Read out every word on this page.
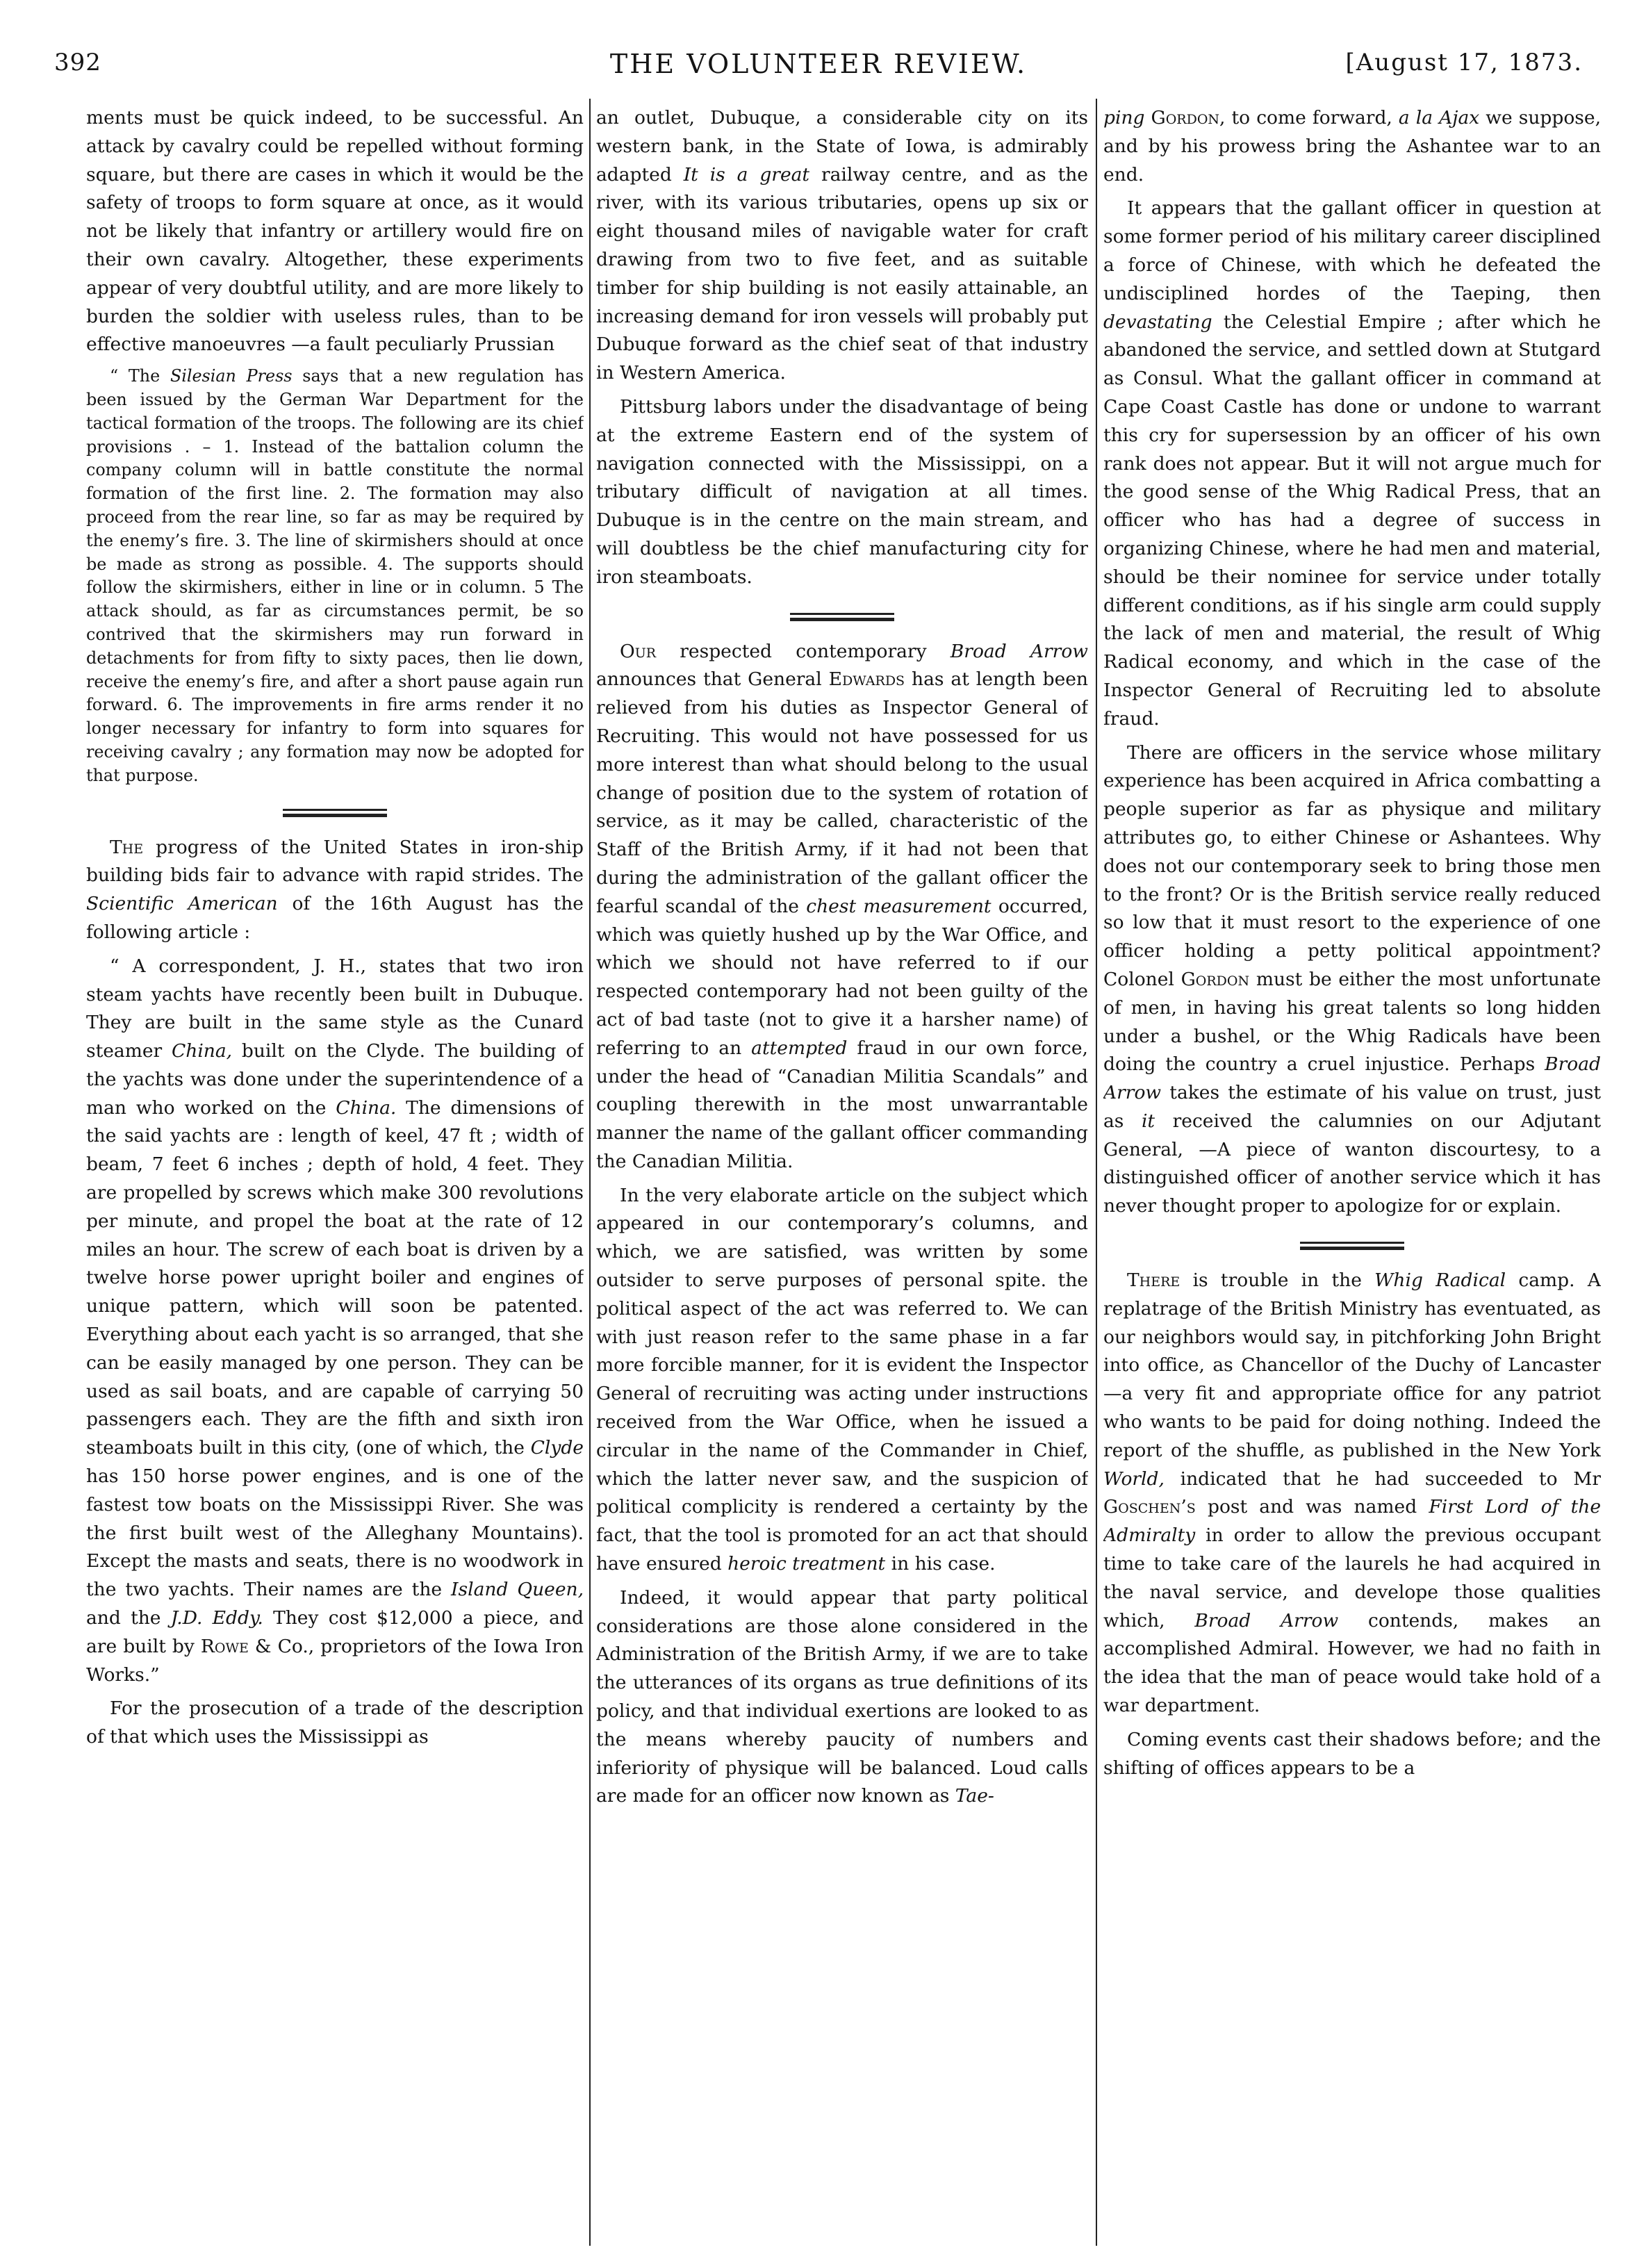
392	THE VOLUNTEER REVIEW.	[August 17, 1873.

ments must be quick indeed, to be successful. An attack by cavalry could be repelled without forming square, but there are cases in which it would be the safety of troops to form square at once, as it would not be likely that infantry or artillery would fire on their own cavalry. Altogether, these experiments appear of very doubtful utility, and are more likely to burden the soldier with useless rules, than to be effective manoeuvres —a fault peculiarly Prussian

“ The Silesian Press says that a new regulation has been issued by the German War Department for the tactical formation of the troops. The following are its chief provisions . – 1. Instead of the battalion column the company column will in battle constitute the normal formation of the first line. 2. The formation may also proceed from the rear line, so far as may be required by the enemy’s fire. 3. The line of skirmishers should at once be made as strong as possible. 4. The supports should follow the skirmishers, either in line or in column. 5 The attack should, as far as circumstances permit, be so contrived that the skirmishers may run forward in detachments for from fifty to sixty paces, then lie down, receive the enemy’s fire, and after a short pause again run forward. 6. The improvements in fire arms render it no longer necessary for infantry to form into squares for receiving cavalry ; any formation may now be adopted for that purpose.

The progress of the United States in iron-ship building bids fair to advance with rapid strides. The Scientific American of the 16th August has the following article :

“ A correspondent, J. H., states that two iron steam yachts have recently been built in Dubuque. They are built in the same style as the Cunard steamer China, built on the Clyde. The building of the yachts was done under the superintendence of a man who worked on the China. The dimensions of the said yachts are : length of keel, 47 ft ; width of beam, 7 feet 6 inches ; depth of hold, 4 feet. They are propelled by screws which make 300 revolutions per minute, and propel the boat at the rate of 12 miles an hour. The screw of each boat is driven by a twelve horse power upright boiler and engines of unique pattern, which will soon be patented. Everything about each yacht is so arranged, that she can be easily managed by one person. They can be used as sail boats, and are capable of carrying 50 passengers each. They are the fifth and sixth iron steamboats built in this city, (one of which, the Clyde has 150 horse power engines, and is one of the fastest tow boats on the Mississippi River. She was the first built west of the Alleghany Mountains). Except the masts and seats, there is no woodwork in the two yachts. Their names are the Island Queen, and the J.D. Eddy. They cost $12,000 a piece, and are built by Rowe & Co., proprietors of the Iowa Iron Works.”

For the prosecution of a trade of the description of that which uses the Mississippi as

an outlet, Dubuque, a considerable city on its western bank, in the State of Iowa, is admirably adapted It is a great railway centre, and as the river, with its various tributaries, opens up six or eight thousand miles of navigable water for craft drawing from two to five feet, and as suitable timber for ship building is not easily attainable, an increasing demand for iron vessels will probably put Dubuque forward as the chief seat of that industry in Western America.

Pittsburg labors under the disadvantage of being at the extreme Eastern end of the system of navigation connected with the Mississippi, on a tributary difficult of navigation at all times. Dubuque is in the centre on the main stream, and will doubtless be the chief manufacturing city for iron steamboats.

Our respected contemporary Broad Arrow announces that General Edwards has at length been relieved from his duties as Inspector General of Recruiting. This would not have possessed for us more interest than what should belong to the usual change of position due to the system of rotation of service, as it may be called, characteristic of the Staff of the British Army, if it had not been that during the administration of the gallant officer the fearful scandal of the chest measurement occurred, which was quietly hushed up by the War Office, and which we should not have referred to if our respected contemporary had not been guilty of the act of bad taste (not to give it a harsher name) of referring to an attempted fraud in our own force, under the head of “Canadian Militia Scandals” and coupling therewith in the most unwarrantable manner the name of the gallant officer commanding the Canadian Militia.

In the very elaborate article on the subject which appeared in our contemporary’s columns, and which, we are satisfied, was written by some outsider to serve purposes of personal spite. the political aspect of the act was referred to. We can with just reason refer to the same phase in a far more forcible manner, for it is evident the Inspector General of recruiting was acting under instructions received from the War Office, when he issued a circular in the name of the Commander in Chief, which the latter never saw, and the suspicion of political complicity is rendered a certainty by the fact, that the tool is promoted for an act that should have ensured heroic treatment in his case.

Indeed, it would appear that party political considerations are those alone considered in the Administration of the British Army, if we are to take the utterances of its organs as true definitions of its policy, and that individual exertions are looked to as the means whereby paucity of numbers and inferiority of physique will be balanced. Loud calls are made for an officer now known as Tae-

ping Gordon, to come forward, a la Ajax we suppose, and by his prowess bring the Ashantee war to an end.

It appears that the gallant officer in question at some former period of his military career disciplined a force of Chinese, with which he defeated the undisciplined hordes of the Taeping, then devastating the Celestial Empire ; after which he abandoned the service, and settled down at Stutgard as Consul. What the gallant officer in command at Cape Coast Castle has done or undone to warrant this cry for supersession by an officer of his own rank does not appear. But it will not argue much for the good sense of the Whig Radical Press, that an officer who has had a degree of success in organizing Chinese, where he had men and material, should be their nominee for service under totally different conditions, as if his single arm could supply the lack of men and material, the result of Whig Radical economy, and which in the case of the Inspector General of Recruiting led to absolute fraud.

There are officers in the service whose military experience has been acquired in Africa combatting a people superior as far as physique and military attributes go, to either Chinese or Ashantees. Why does not our contemporary seek to bring those men to the front? Or is the British service really reduced so low that it must resort to the experience of one officer holding a petty political appointment? Colonel Gordon must be either the most unfortunate of men, in having his great talents so long hidden under a bushel, or the Whig Radicals have been doing the country a cruel injustice. Perhaps Broad Arrow takes the estimate of his value on trust, just as it received the calumnies on our Adjutant General, —A piece of wanton discourtesy, to a distinguished officer of another service which it has never thought proper to apologize for or explain.

There is trouble in the Whig Radical camp. A replatrage of the British Ministry has eventuated, as our neighbors would say, in pitchforking John Bright into office, as Chancellor of the Duchy of Lancaster—a very fit and appropriate office for any patriot who wants to be paid for doing nothing. Indeed the report of the shuffle, as published in the New York World, indicated that he had succeeded to Mr Goschen’s post and was named First Lord of the Admiralty in order to allow the previous occupant time to take care of the laurels he had acquired in the naval service, and develope those qualities which, Broad Arrow contends, makes an accomplished Admiral. However, we had no faith in the idea that the man of peace would take hold of a war department.

Coming events cast their shadows before; and the shifting of offices appears to be a
